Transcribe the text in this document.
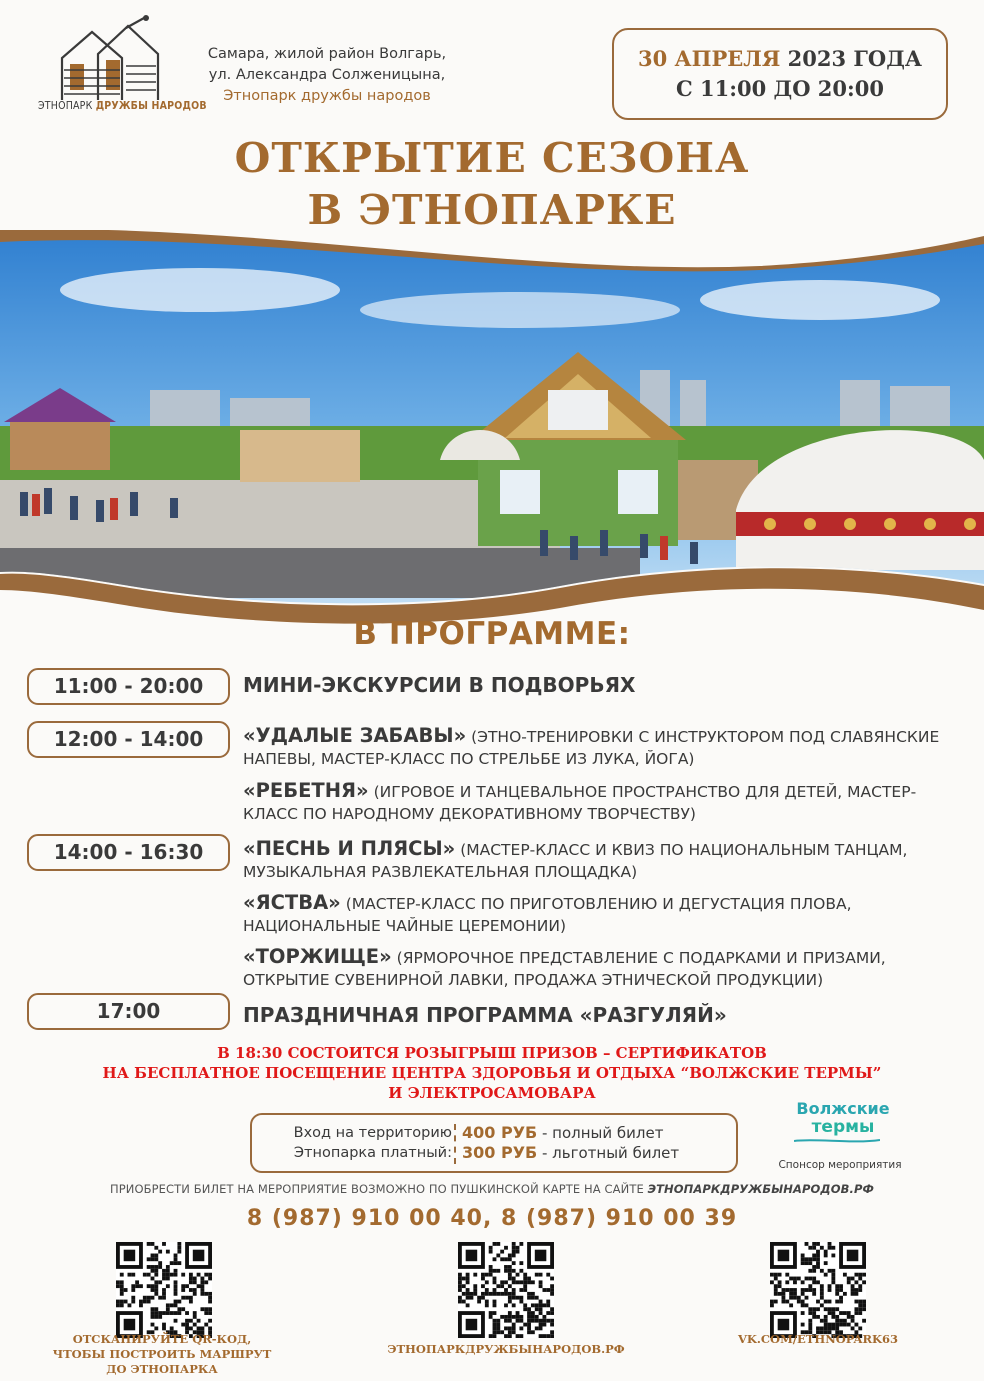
ЭТНОПАРК ДРУЖБЫ НАРОДОВ
Самара, жилой район Волгарь,
ул. Александра Солженицына,
Этнопарк дружбы народов
30 АПРЕЛЯ 2023 ГОДА
С 11:00 ДО 20:00
ОТКРЫТИЕ СЕЗОНА
В ЭТНОПАРКЕ
В ПРОГРАММЕ:
11:00 - 20:00	МИНИ-ЭКСКУРСИИ В ПОДВОРЬЯХ
12:00 - 14:00	«УДАЛЫЕ ЗАБАВЫ» (ЭТНО-ТРЕНИРОВКИ С ИНСТРУКТОРОМ ПОД СЛАВЯНСКИЕ НАПЕВЫ, МАСТЕР-КЛАСС ПО СТРЕЛЬБЕ ИЗ ЛУКА, ЙОГА)
«РЕБЕТНЯ» (ИГРОВОЕ И ТАНЦЕВАЛЬНОЕ ПРОСТРАНСТВО ДЛЯ ДЕТЕЙ, МАСТЕР-КЛАСС ПО НАРОДНОМУ ДЕКОРАТИВНОМУ ТВОРЧЕСТВУ)
14:00 - 16:30	«ПЕСНЬ И ПЛЯСЫ» (МАСТЕР-КЛАСС И КВИЗ ПО НАЦИОНАЛЬНЫМ ТАНЦАМ, МУЗЫКАЛЬНАЯ РАЗВЛЕКАТЕЛЬНАЯ ПЛОЩАДКА)
«ЯСТВА» (МАСТЕР-КЛАСС ПО ПРИГОТОВЛЕНИЮ И ДЕГУСТАЦИЯ ПЛОВА, НАЦИОНАЛЬНЫЕ ЧАЙНЫЕ ЦЕРЕМОНИИ)
«ТОРЖИЩЕ» (ЯРМОРОЧНОЕ ПРЕДСТАВЛЕНИЕ С ПОДАРКАМИ И ПРИЗАМИ, ОТКРЫТИЕ СУВЕНИРНОЙ ЛАВКИ, ПРОДАЖА ЭТНИЧЕСКОЙ ПРОДУКЦИИ)
17:00	ПРАЗДНИЧНАЯ ПРОГРАММА «РАЗГУЛЯЙ»
В 18:30 СОСТОИТСЯ РОЗЫГРЫШ ПРИЗОВ – СЕРТИФИКАТОВ
НА БЕСПЛАТНОЕ ПОСЕЩЕНИЕ ЦЕНТРА ЗДОРОВЬЯ И ОТДЫХА “ВОЛЖСКИЕ ТЕРМЫ”
И ЭЛЕКТРОСАМОВАРА
Вход на территорию
Этнопарка платный:
400 РУБ - полный билет
300 РУБ - льготный билет
Волжские
термы
Спонсор мероприятия
ПРИОБРЕСТИ БИЛЕТ НА МЕРОПРИЯТИЕ ВОЗМОЖНО ПО ПУШКИНСКОЙ КАРТЕ НА САЙТЕ ЭТНОПАРКДРУЖБЫНАРОДОВ.РФ
8 (987) 910 00 40, 8 (987) 910 00 39
ОТСКАНИРУЙТЕ QR-КОД,
ЧТОБЫ ПОСТРОИТЬ МАРШРУТ
ДО ЭТНОПАРКА
ЭТНОПАРКДРУЖБЫНАРОДОВ.РФ
VK.COM/ETHNOPARK63
